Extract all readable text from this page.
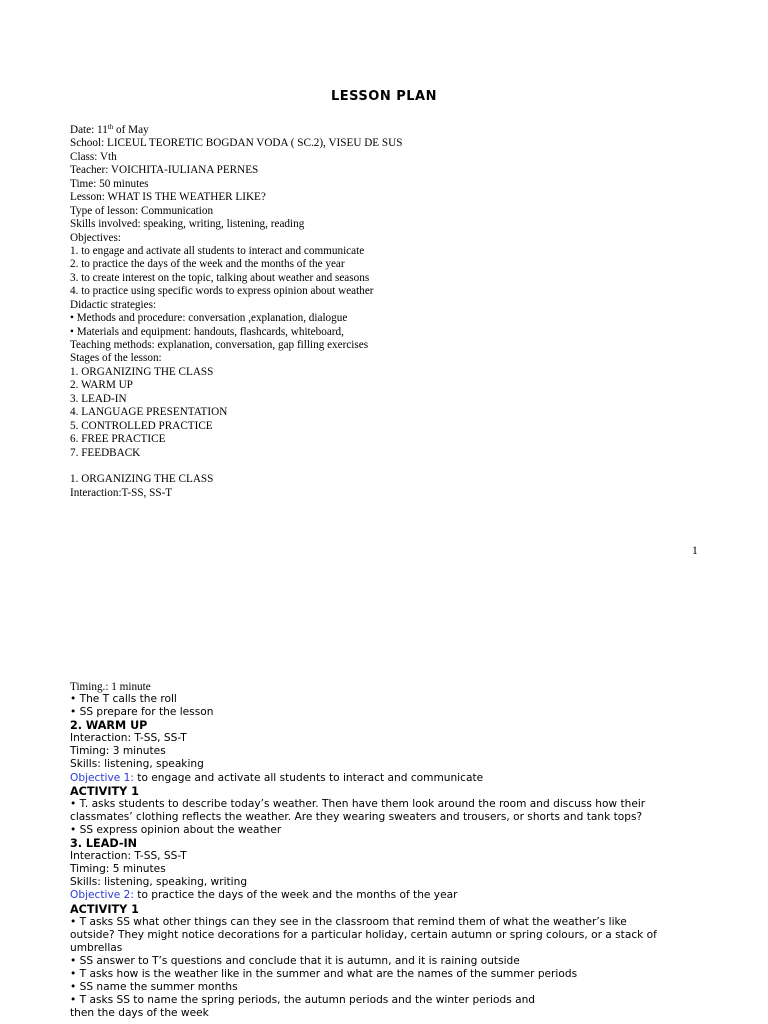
LESSON PLAN
Date: 11th of May
School: LICEUL TEORETIC BOGDAN VODA ( SC.2), VISEU DE SUS
Class: Vth
Teacher: VOICHITA-IULIANA PERNES
Time: 50 minutes
Lesson: WHAT IS THE WEATHER LIKE?
Type of lesson: Communication
Skills involved: speaking, writing, listening, reading
Objectives:
1. to engage and activate all students to interact and communicate
2. to practice the days of the week and the months of the year
3. to create interest on the topic, talking about weather and seasons
4. to practice using specific words to express opinion about weather
Didactic strategies:
• Methods and procedure: conversation ,explanation, dialogue
• Materials and equipment: handouts, flashcards, whiteboard,
Teaching methods: explanation, conversation, gap filling exercises
Stages of the lesson:
1. ORGANIZING THE CLASS
2. WARM UP
3. LEAD-IN
4. LANGUAGE PRESENTATION
5. CONTROLLED PRACTICE
6. FREE PRACTICE
7. FEEDBACK
1. ORGANIZING THE CLASS
Interaction:T-SS, SS-T
1
Timing.: 1 minute
• The T calls the roll
• SS prepare for the lesson
2. WARM UP
Interaction: T-SS, SS-T
Timing: 3 minutes
Skills: listening, speaking
Objective 1: to engage and activate all students to interact and communicate
ACTIVITY 1
• T. asks students to describe today’s weather. Then have them look around the room and discuss how their
classmates’ clothing reflects the weather. Are they wearing sweaters and trousers, or shorts and tank tops?
• SS express opinion about the weather
3. LEAD-IN
Interaction: T-SS, SS-T
Timing: 5 minutes
Skills: listening, speaking, writing
Objective 2: to practice the days of the week and the months of the year
ACTIVITY 1
• T asks SS what other things can they see in the classroom that remind them of what the weather’s like
outside? They might notice decorations for a particular holiday, certain autumn or spring colours, or a stack of
umbrellas
• SS answer to T’s questions and conclude that it is autumn, and it is raining outside
• T asks how is the weather like in the summer and what are the names of the summer periods
• SS name the summer months
• T asks SS to name the spring periods, the autumn periods and the winter periods and
then the days of the week
